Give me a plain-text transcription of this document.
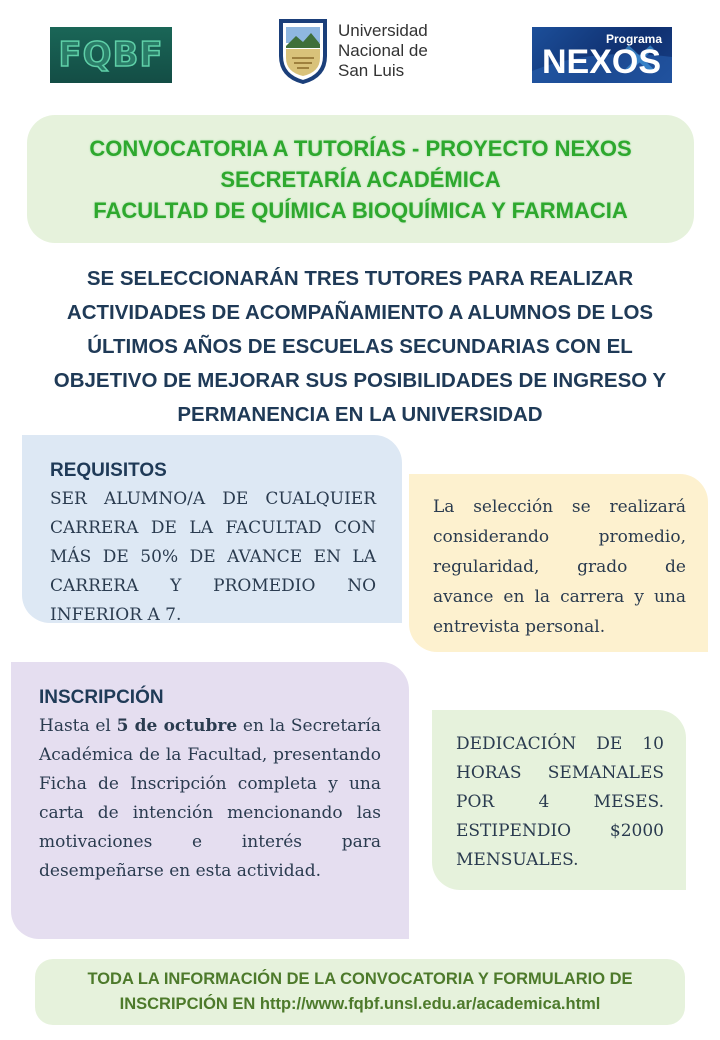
FQBF
Universidad
Nacional de
San Luis
Programa
NEXOS
CONVOCATORIA A TUTORÍAS - PROYECTO NEXOS
SECRETARÍA ACADÉMICA
FACULTAD DE QUÍMICA BIOQUÍMICA Y FARMACIA
SE SELECCIONARÁN TRES TUTORES PARA REALIZAR
ACTIVIDADES DE ACOMPAÑAMIENTO A ALUMNOS DE LOS
ÚLTIMOS AÑOS DE ESCUELAS SECUNDARIAS CON EL
OBJETIVO DE MEJORAR SUS POSIBILIDADES DE INGRESO Y
PERMANENCIA EN LA UNIVERSIDAD
REQUISITOS

SER ALUMNO/A DE CUALQUIER CARRERA DE LA FACULTAD CON MÁS DE 50% DE AVANCE EN LA CARRERA Y PROMEDIO NO INFERIOR A 7.

La selección se realizará considerando promedio, regularidad, grado de avance en la carrera y una entrevista personal.

INSCRIPCIÓN

Hasta el 5 de octubre en la Secretaría Académica de la Facultad, presentando Ficha de Inscripción completa y una carta de intención mencionando las motivaciones e interés para desempeñarse en esta actividad.

DEDICACIÓN DE 10 HORAS SEMANALES POR 4 MESES. ESTIPENDIO $2000 MENSUALES.

TODA LA INFORMACIÓN DE LA CONVOCATORIA Y FORMULARIO DE
INSCRIPCIÓN EN http://www.fqbf.unsl.edu.ar/academica.html
